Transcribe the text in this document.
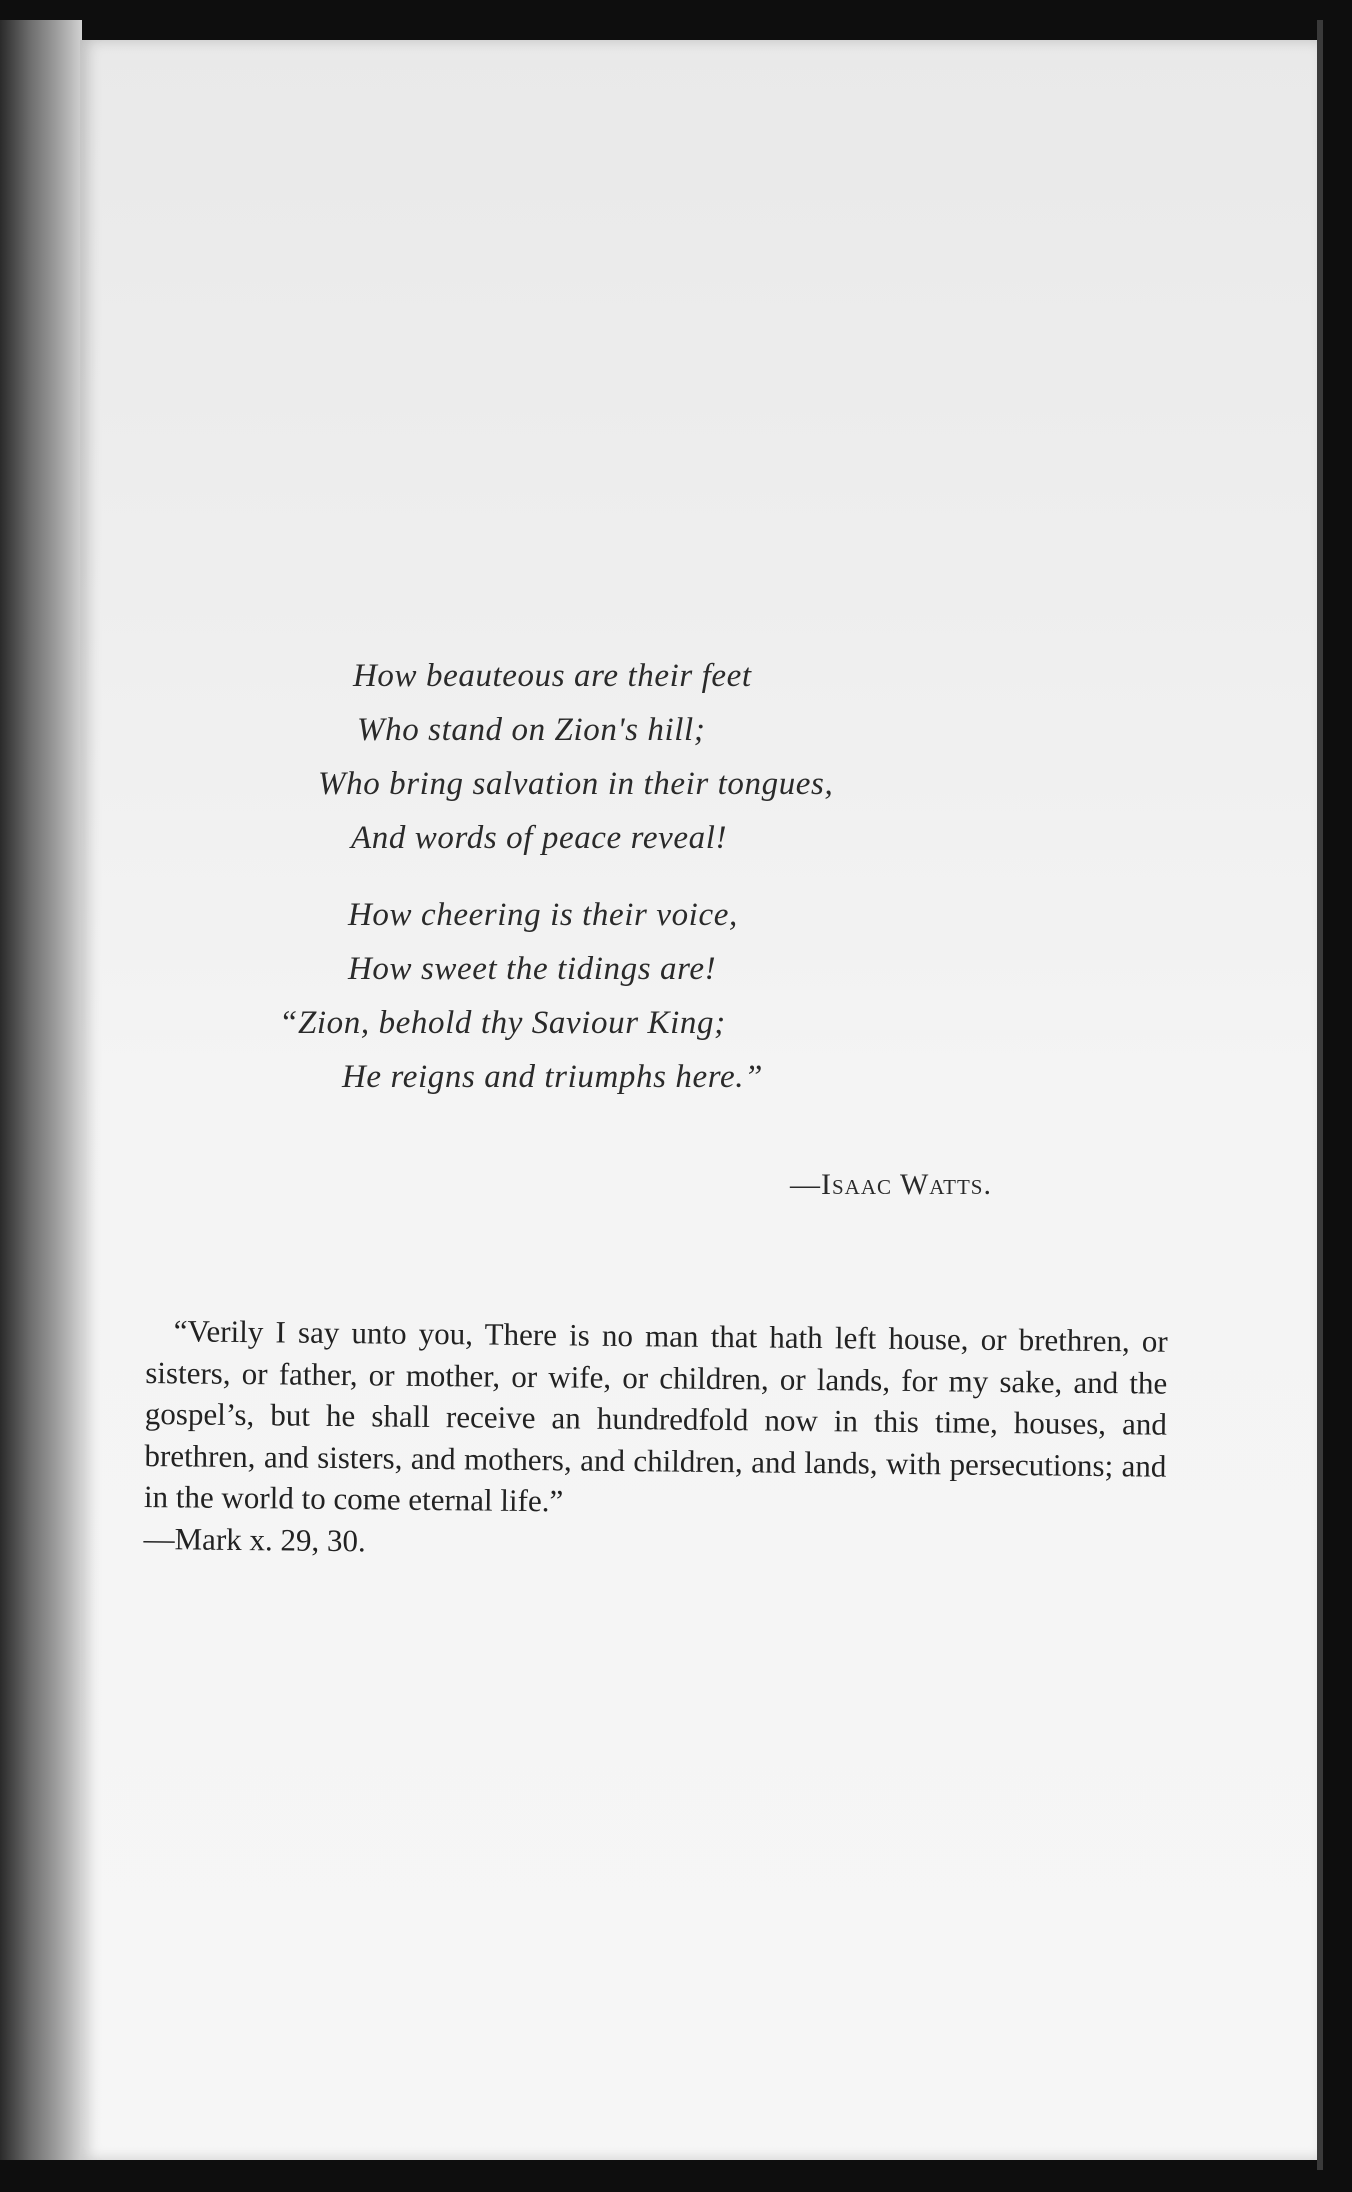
How beauteous are their feet
Who stand on Zion's hill;
Who bring salvation in their tongues,
And words of peace reveal!
How cheering is their voice,
How sweet the tidings are!
“Zion, behold thy Saviour King;
He reigns and triumphs here.”
—Isaac Watts.
“Verily I say unto you, There is no man that hath left house, or brethren, or sisters, or father, or mother, or wife, or children, or lands, for my sake, and the gospel’s, but he shall receive an hundredfold now in this time, houses, and brethren, and sisters, and mothers, and children, and lands, with persecutions; and in the world to come eternal life.”
—Mark x. 29, 30.
